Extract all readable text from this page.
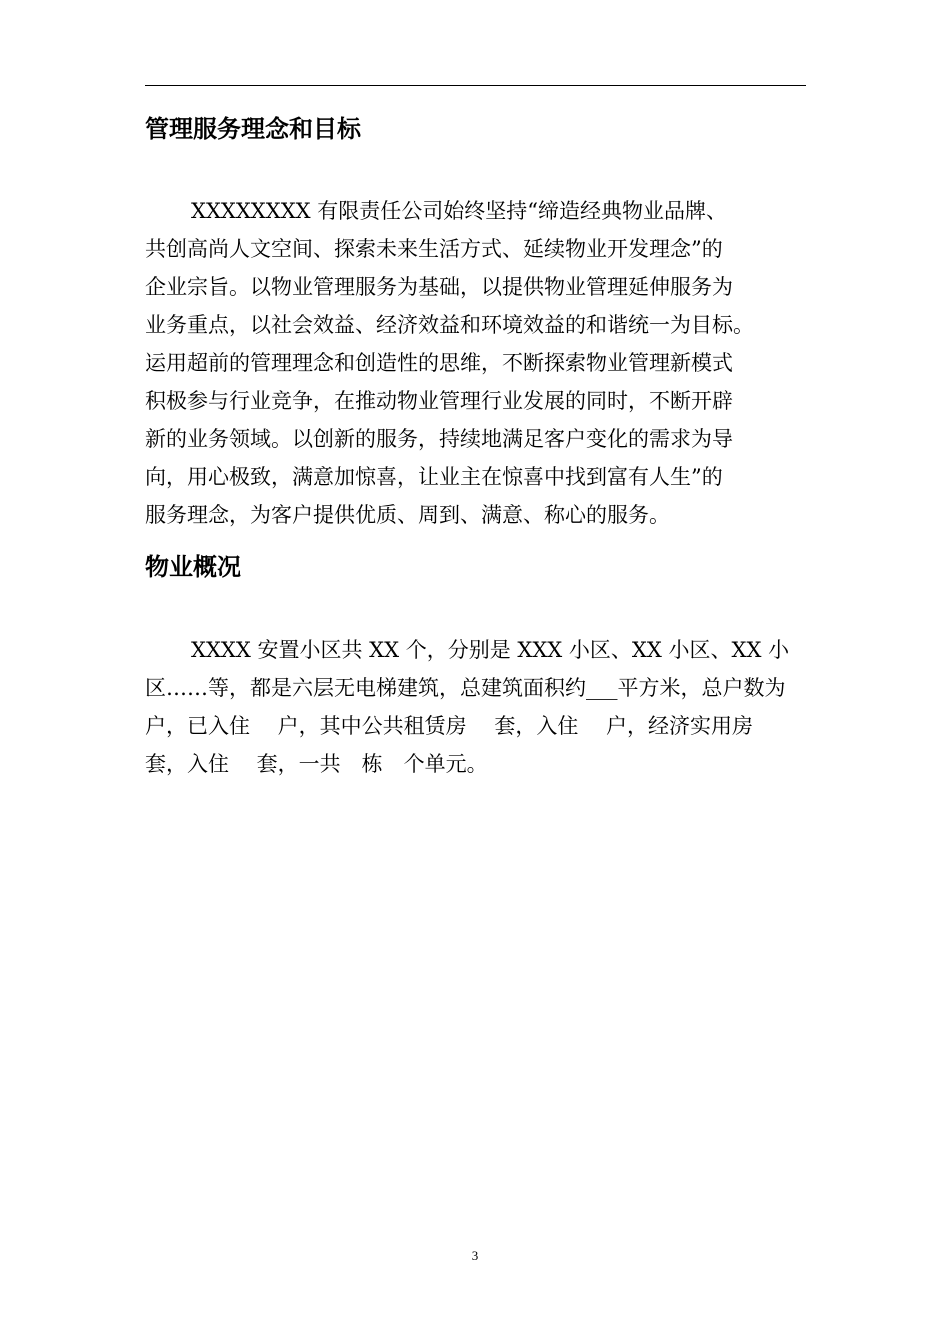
管理服务理念和目标
XXXXXXXX 有限责任公司始终坚持“缔造经典物业品牌、
共创高尚人文空间、探索未来生活方式、延续物业开发理念”的
企业宗旨。以物业管理服务为基础，以提供物业管理延伸服务为
业务重点，以社会效益、经济效益和环境效益的和谐统一为目标。
运用超前的管理理念和创造性的思维，不断探索物业管理新模式
积极参与行业竞争，在推动物业管理行业发展的同时，不断开辟
新的业务领域。以创新的服务，持续地满足客户变化的需求为导
向，用心极致，满意加惊喜，让业主在惊喜中找到富有人生”的
服务理念，为客户提供优质、周到、满意、称心的服务。
物业概况
XXXX 安置小区共 XX 个，分别是 XXX 小区、XX 小区、XX 小
区……等，都是六层无电梯建筑，总建筑面积约___平方米，总户数为
户，已入住　 户，其中公共租赁房　 套，入住　 户，经济实用房
套，入住　 套，一共　栋　个单元。
3
